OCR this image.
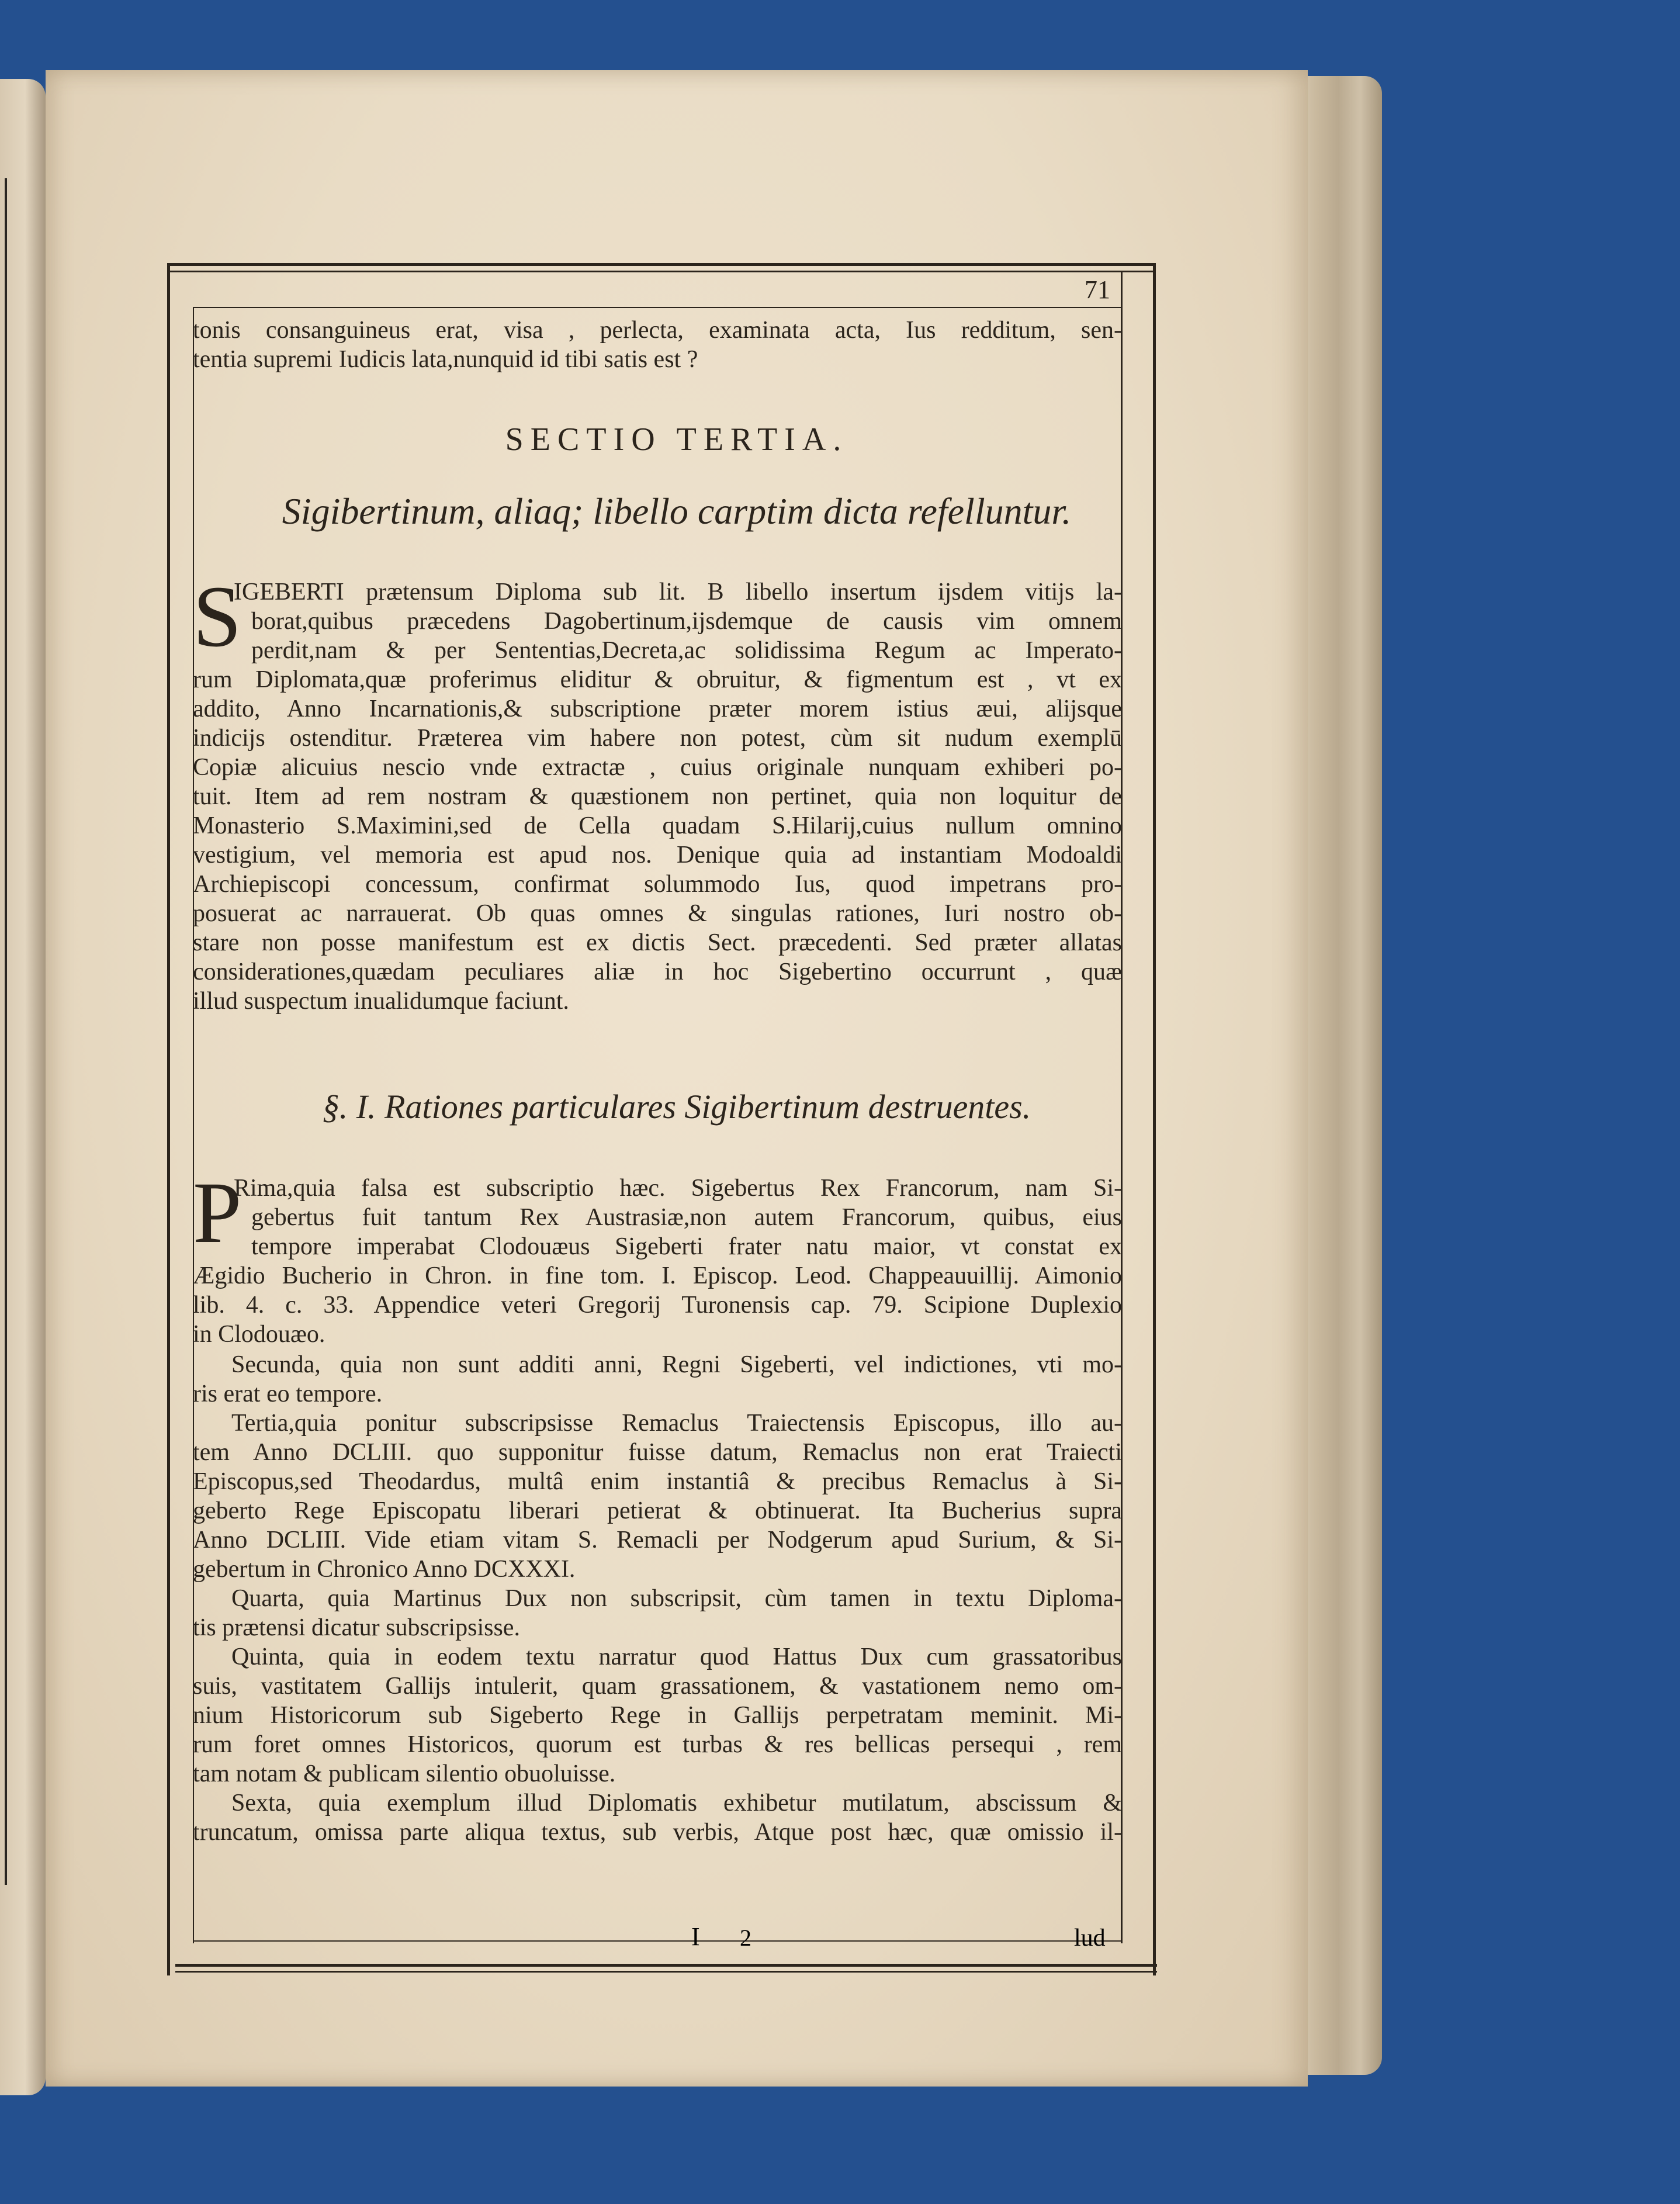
71
tonis consanguineus erat, visa , perlecta, examinata acta, Ius redditum, sen-
tentia supremi Iudicis lata,nunquid id tibi satis est ?
SECTIO TERTIA.
Sigibertinum, aliaq; libello carptim dicta refelluntur.
S
§. I. Rationes particulares Sigibertinum destruentes.
P
I 2	lud
IGEBERTI prætensum Diploma sub lit. B libello insertum ijsdem vitijs la-
borat,quibus præcedens Dagobertinum,ijsdemque de causis vim omnem
perdit,nam & per Sententias,Decreta,ac solidissima Regum ac Imperato-
rum Diplomata,quæ proferimus eliditur & obruitur, & figmentum est , vt ex
addito, Anno Incarnationis,& subscriptione præter morem istius æui, alijsque
indicijs ostenditur. Præterea vim habere non potest, cùm sit nudum exemplū
Copiæ alicuius nescio vnde extractæ , cuius originale nunquam exhiberi po-
tuit. Item ad rem nostram & quæstionem non pertinet, quia non loquitur de
Monasterio S.Maximini,sed de Cella quadam S.Hilarij,cuius nullum omnino
vestigium, vel memoria est apud nos. Denique quia ad instantiam Modoaldi
Archiepiscopi concessum, confirmat solummodo Ius, quod impetrans pro-
posuerat ac narrauerat. Ob quas omnes & singulas rationes, Iuri nostro ob-
stare non posse manifestum est ex dictis Sect. præcedenti. Sed præter allatas
considerationes,quædam peculiares aliæ in hoc Sigebertino occurrunt , quæ
illud suspectum inualidumque faciunt.
Rima,quia falsa est subscriptio hæc. Sigebertus Rex Francorum, nam Si-
gebertus fuit tantum Rex Austrasiæ,non autem Francorum, quibus, eius
tempore imperabat Clodouæus Sigeberti frater natu maior, vt constat ex
Ægidio Bucherio in Chron. in fine tom. I. Episcop. Leod. Chappeauuillij. Aimonio
lib. 4. c. 33. Appendice veteri Gregorij Turonensis cap. 79. Scipione Duplexio
in Clodouæo.
Secunda, quia non sunt additi anni, Regni Sigeberti, vel indictiones, vti mo-
ris erat eo tempore.
Tertia,quia ponitur subscripsisse Remaclus Traiectensis Episcopus, illo au-
tem Anno DCLIII. quo supponitur fuisse datum, Remaclus non erat Traiecti
Episcopus,sed Theodardus, multâ enim instantiâ & precibus Remaclus à Si-
geberto Rege Episcopatu liberari petierat & obtinuerat. Ita Bucherius supra
Anno DCLIII. Vide etiam vitam S. Remacli per Nodgerum apud Surium, & Si-
gebertum in Chronico Anno DCXXXI.
Quarta, quia Martinus Dux non subscripsit, cùm tamen in textu Diploma-
tis prætensi dicatur subscripsisse.
Quinta, quia in eodem textu narratur quod Hattus Dux cum grassatoribus
suis, vastitatem Gallijs intulerit, quam grassationem, & vastationem nemo om-
nium Historicorum sub Sigeberto Rege in Gallijs perpetratam meminit. Mi-
rum foret omnes Historicos, quorum est turbas & res bellicas persequi , rem
tam notam & publicam silentio obuoluisse.
Sexta, quia exemplum illud Diplomatis exhibetur mutilatum, abscissum &
truncatum, omissa parte aliqua textus, sub verbis, Atque post hæc, quæ omissio il-
